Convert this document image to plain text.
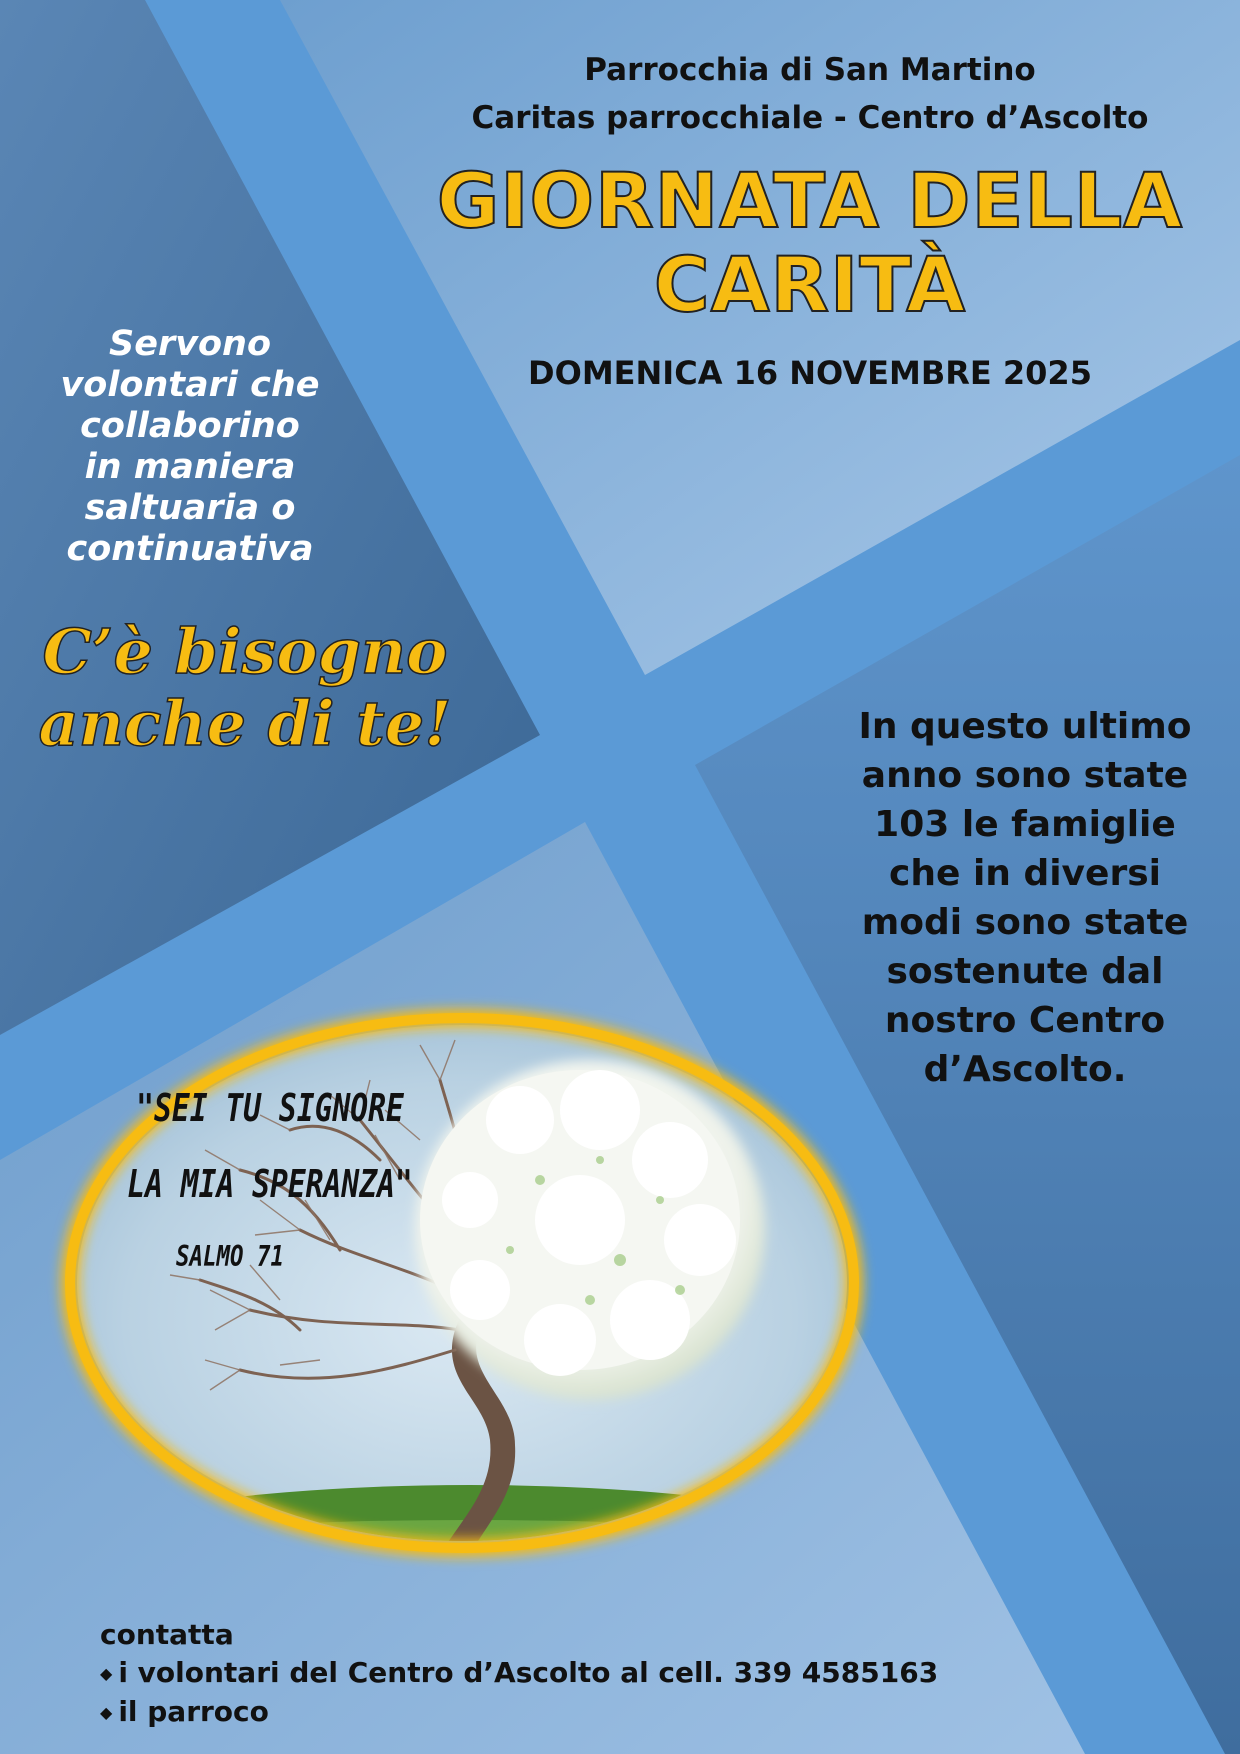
Parrocchia di San Martino
Caritas parrocchiale - Centro d’Ascolto
GIORNATA DELLA
CARITÀ
DOMENICA 16 NOVEMBRE 2025
Servono
volontari che
collaborino
in maniera
saltuaria o
continuativa
C’è bisogno
anche di te!	In questo ultimo
anno sono state
103 le famiglie
che in diversi
modi sono state
sostenute dal
nostro Centro
d’Ascolto.
"SEI TU SIGNORE
LA MIA SPERANZA"
SALMO 71
contatta
◆ i volontari del Centro d’Ascolto al cell. 339 4585163
◆ il parroco
